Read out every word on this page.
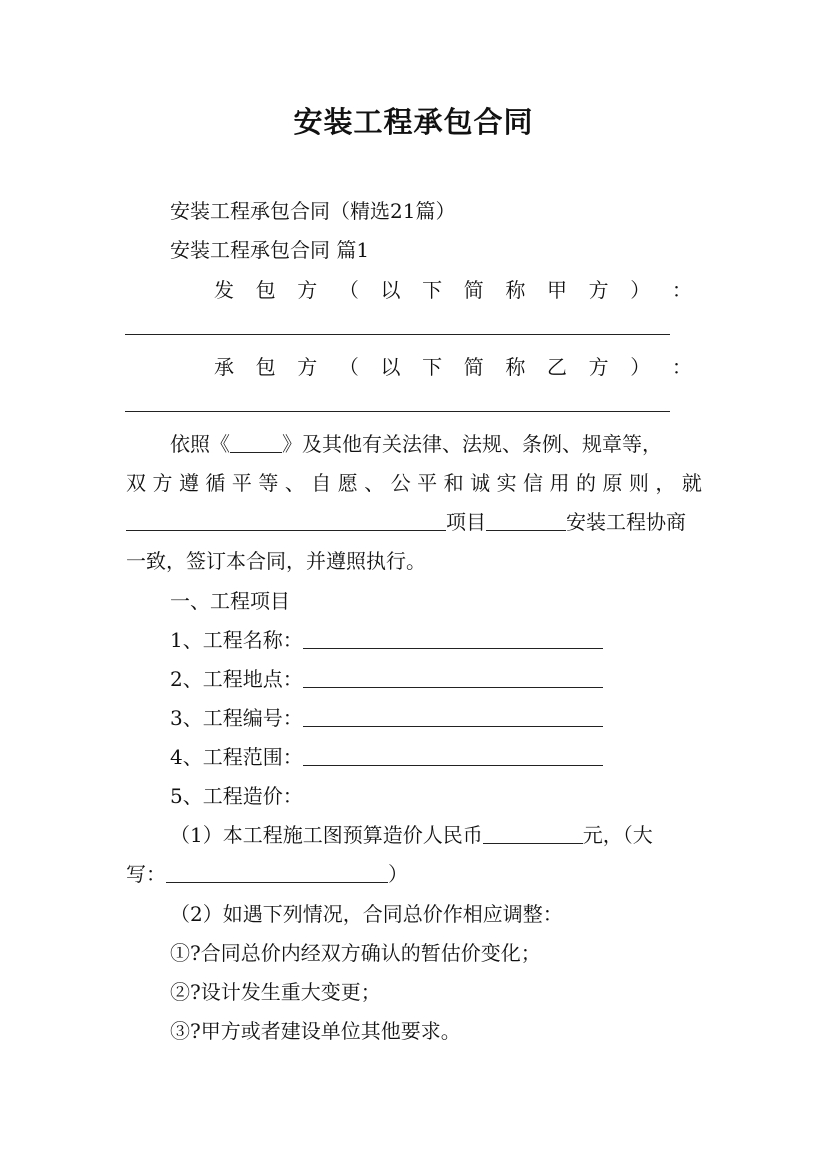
安装工程承包合同
安装工程承包合同（精选21篇）
安装工程承包合同 篇1
发 包 方 （ 以 下 简 称 甲 方 ） ：
承 包 方 （ 以 下 简 称 乙 方 ） ：
依照《	》及其他有关法律、法规、条例、规章等，
双 方 遵 循 平 等 、 自 愿 、 公 平 和 诚 实 信 用 的 原 则 ， 就
项目	安装工程协商
一致，签订本合同，并遵照执行。
一、工程项目
1、工程名称：
2、工程地点：
3、工程编号：
4、工程范围：
5、工程造价：
（1）本工程施工图预算造价人民币	元，（大
写：	）
（2）如遇下列情况，合同总价作相应调整：
①?合同总价内经双方确认的暂估价变化；
②?设计发生重大变更；
③?甲方或者建设单位其他要求。
